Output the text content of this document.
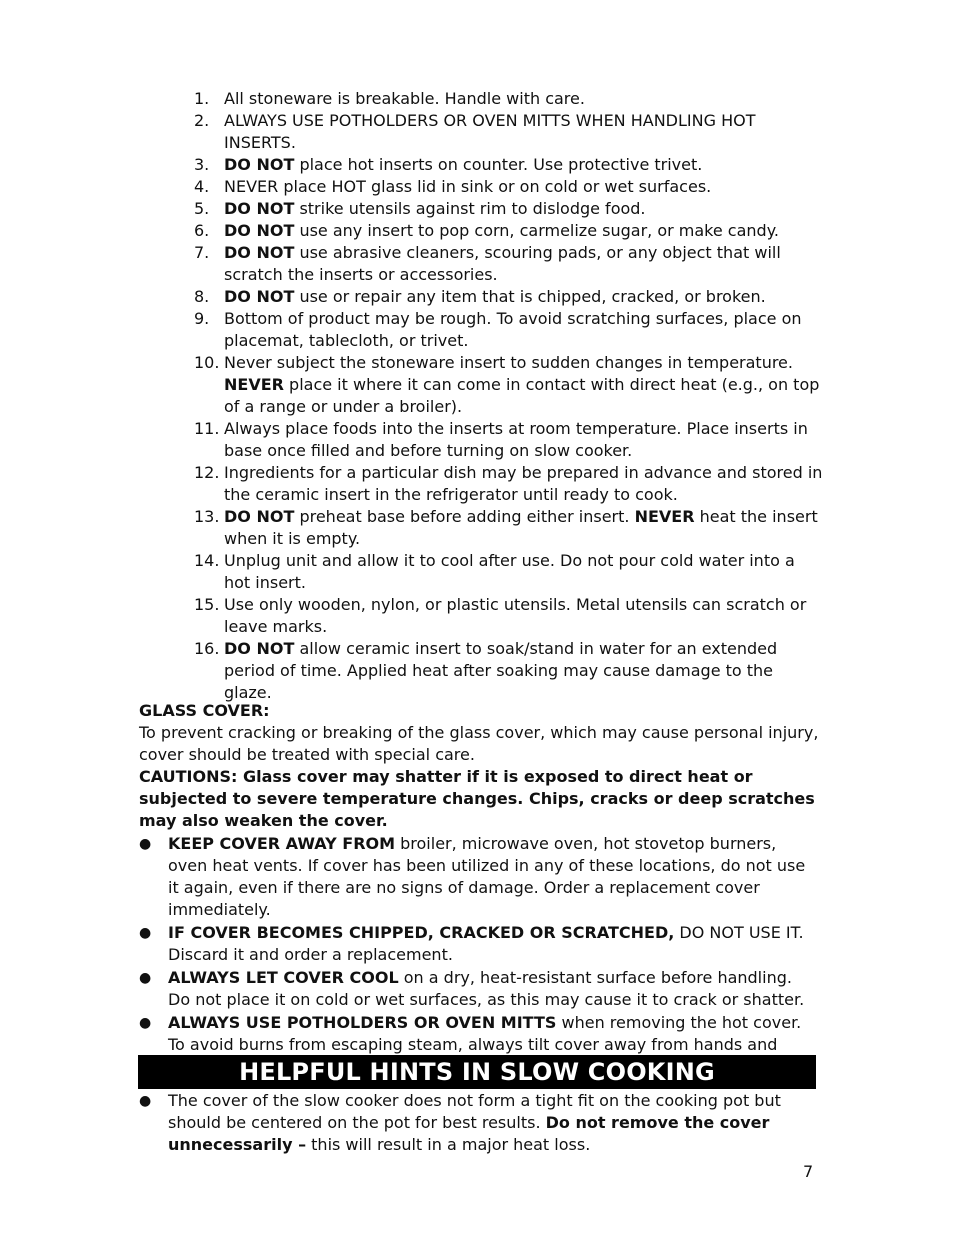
1. All stoneware is breakable. Handle with care.
2. ALWAYS USE POTHOLDERS OR OVEN MITTS WHEN HANDLING HOT INSERTS.
3. DO NOT place hot inserts on counter. Use protective trivet.
4. NEVER place HOT glass lid in sink or on cold or wet surfaces.
5. DO NOT strike utensils against rim to dislodge food.
6. DO NOT use any insert to pop corn, carmelize sugar, or make candy.
7. DO NOT use abrasive cleaners, scouring pads, or any object that will scratch the inserts or accessories.
8. DO NOT use or repair any item that is chipped, cracked, or broken.
9. Bottom of product may be rough. To avoid scratching surfaces, place on placemat, tablecloth, or trivet.
10. Never subject the stoneware insert to sudden changes in temperature. NEVER place it where it can come in contact with direct heat (e.g., on top of a range or under a broiler).
11. Always place foods into the inserts at room temperature. Place inserts in base once filled and before turning on slow cooker.
12. Ingredients for a particular dish may be prepared in advance and stored in the ceramic insert in the refrigerator until ready to cook.
13. DO NOT preheat base before adding either insert. NEVER heat the insert when it is empty.
14. Unplug unit and allow it to cool after use. Do not pour cold water into a hot insert.
15. Use only wooden, nylon, or plastic utensils. Metal utensils can scratch or leave marks.
16. DO NOT allow ceramic insert to soak/stand in water for an extended period of time. Applied heat after soaking may cause damage to the glaze.

GLASS COVER:

To prevent cracking or breaking of the glass cover, which may cause personal injury, cover should be treated with special care.

CAUTIONS: Glass cover may shatter if it is exposed to direct heat or subjected to severe temperature changes. Chips, cracks or deep scratches may also weaken the cover.

●	KEEP COVER AWAY FROM broiler, microwave oven, hot stovetop burners, oven heat vents. If cover has been utilized in any of these locations, do not use it again, even if there are no signs of damage. Order a replacement cover immediately.
●	IF COVER BECOMES CHIPPED, CRACKED OR SCRATCHED, DO NOT USE IT. Discard it and order a replacement.
●	ALWAYS LET COVER COOL on a dry, heat-resistant surface before handling. Do not place it on cold or wet surfaces, as this may cause it to crack or shatter.
●	ALWAYS USE POTHOLDERS OR OVEN MITTS when removing the hot cover. To avoid burns from escaping steam, always tilt cover away from hands and
HELPFUL HINTS IN SLOW COOKING
●	The cover of the slow cooker does not form a tight fit on the cooking pot but should be centered on the pot for best results. Do not remove the cover unnecessarily – this will result in a major heat loss.
7
